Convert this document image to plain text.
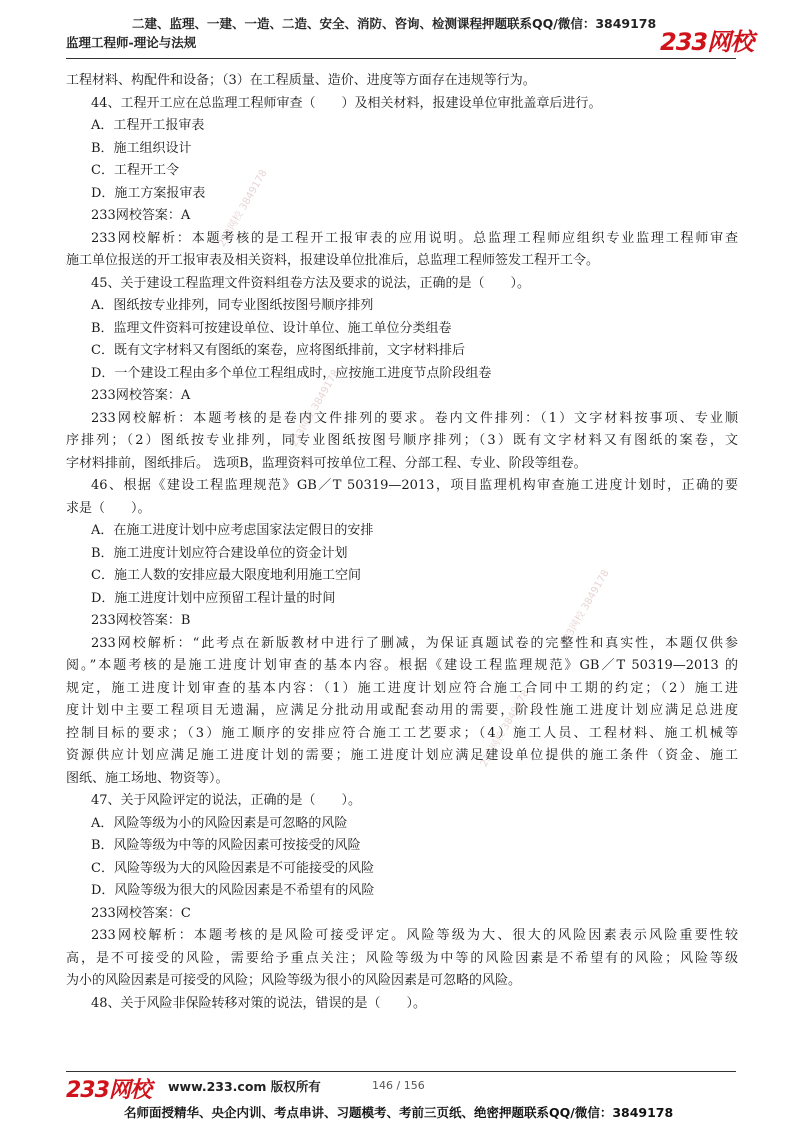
二建、监理、一建、一造、二造、安全、消防、咨询、检测课程押题联系QQ/微信：3849178
监理工程师-理论与法规	233网校
233网校 3849178
233网校 3849178
233网校 3849178
233网校 3849178
工程材料、构配件和设备；（3）在工程质量、造价、进度等方面存在违规等行为。
44、工程开工应在总监理工程师审查（　　）及相关材料，报建设单位审批盖章后进行。
A．工程开工报审表
B．施工组织设计
C．工程开工令
D．施工方案报审表
233网校答案：A
233网校解析：本题考核的是工程开工报审表的应用说明。总监理工程师应组织专业监理工程师审查
施工单位报送的开工报审表及相关资料，报建设单位批准后，总监理工程师签发工程开工令。
45、关于建设工程监理文件资料组卷方法及要求的说法，正确的是（　　）。
A．图纸按专业排列，同专业图纸按图号顺序排列
B．监理文件资料可按建设单位、设计单位、施工单位分类组卷
C．既有文字材料又有图纸的案卷，应将图纸排前，文字材料排后
D．一个建设工程由多个单位工程组成时，应按施工进度节点阶段组卷
233网校答案：A
233网校解析：本题考核的是卷内文件排列的要求。卷内文件排列：（1）文字材料按事项、专业顺
序排列；（2）图纸按专业排列，同专业图纸按图号顺序排列；（3）既有文字材料又有图纸的案卷，文
字材料排前，图纸排后。 选项B，监理资料可按单位工程、分部工程、专业、阶段等组卷。
46、根据《建设工程监理规范》GB／T 50319—2013，项目监理机构审查施工进度计划时，正确的要
求是（　　）。
A．在施工进度计划中应考虑国家法定假日的安排
B．施工进度计划应符合建设单位的资金计划
C．施工人数的安排应最大限度地利用施工空间
D．施工进度计划中应预留工程计量的时间
233网校答案：B
233网校解析：“此考点在新版教材中进行了删减，为保证真题试卷的完整性和真实性，本题仅供参
阅。”本题考核的是施工进度计划审查的基本内容。根据《建设工程监理规范》GB／T 50319—2013 的
规定，施工进度计划审查的基本内容：（1）施工进度计划应符合施工合同中工期的约定；（2）施工进
度计划中主要工程项目无遗漏，应满足分批动用或配套动用的需要，阶段性施工进度计划应满足总进度
控制目标的要求；（3）施工顺序的安排应符合施工工艺要求；（4）施工人员、工程材料、施工机械等
资源供应计划应满足施工进度计划的需要；施工进度计划应满足建设单位提供的施工条件（资金、施工
图纸、施工场地、物资等）。
47、关于风险评定的说法，正确的是（　　）。
A．风险等级为小的风险因素是可忽略的风险
B．风险等级为中等的风险因素可按接受的风险
C．风险等级为大的风险因素是不可能接受的风险
D．风险等级为很大的风险因素是不希望有的风险
233网校答案：C
233网校解析：本题考核的是风险可接受评定。风险等级为大、很大的风险因素表示风险重要性较
高，是不可接受的风险，需要给予重点关注；风险等级为中等的风险因素是不希望有的风险；风险等级
为小的风险因素是可接受的风险；风险等级为很小的风险因素是可忽略的风险。
48、关于风险非保险转移对策的说法，错误的是（　　）。
233网校 www.233.com 版权所有	146 / 156
名师面授精华、央企内训、考点串讲、习题模考、考前三页纸、绝密押题联系QQ/微信：3849178
